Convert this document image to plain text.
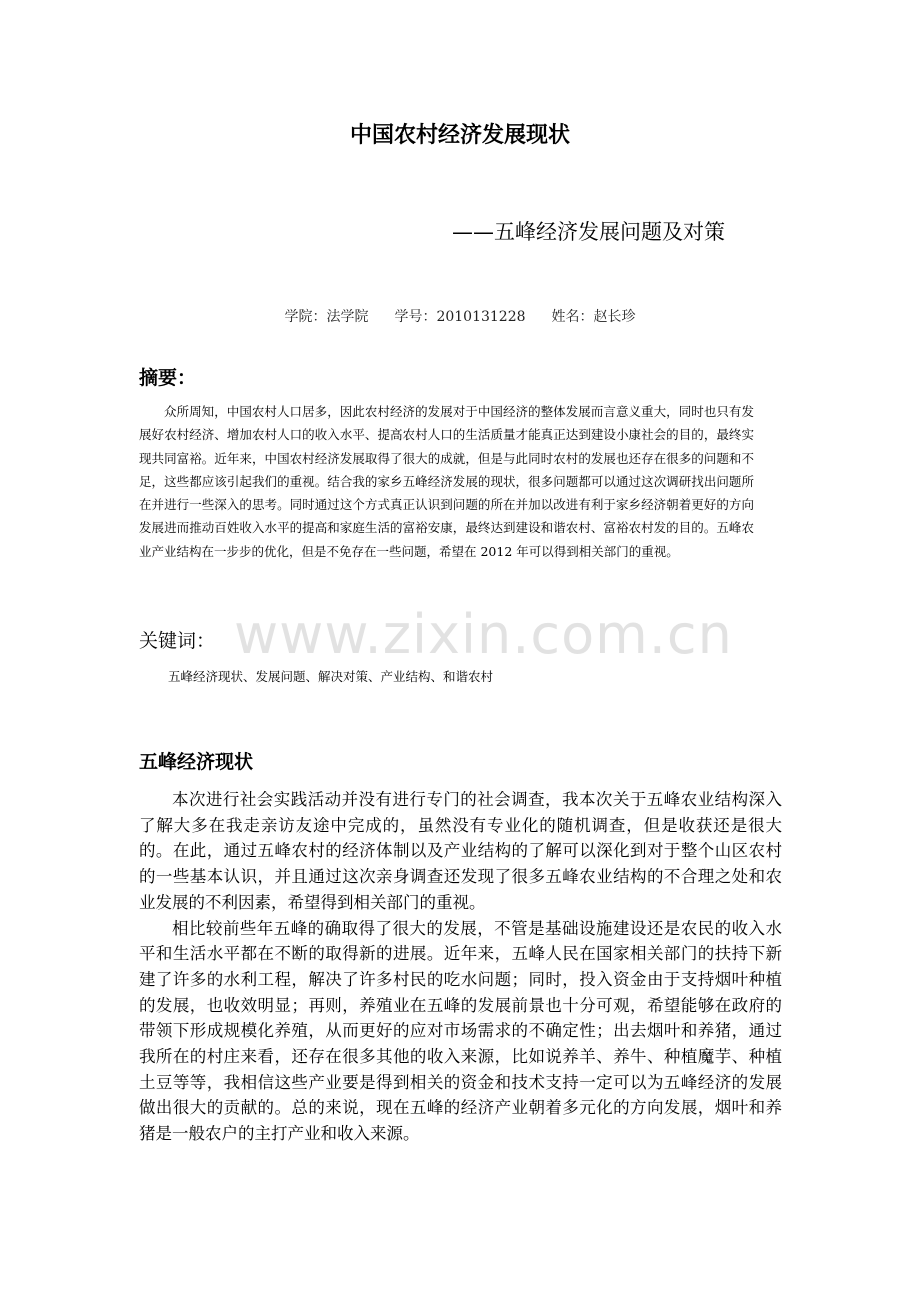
中国农村经济发展现状
——五峰经济发展问题及对策
学院：法学院 学号：2010131228 姓名：赵长珍
摘要：

众所周知，中国农村人口居多，因此农村经济的发展对于中国经济的整体发展而言意义重大，同时也只有发展好农村经济、增加农村人口的收入水平、提高农村人口的生活质量才能真正达到建设小康社会的目的，最终实现共同富裕。近年来，中国农村经济发展取得了很大的成就，但是与此同时农村的发展也还存在很多的问题和不足，这些都应该引起我们的重视。结合我的家乡五峰经济发展的现状，很多问题都可以通过这次调研找出问题所在并进行一些深入的思考。同时通过这个方式真正认识到问题的所在并加以改进有利于家乡经济朝着更好的方向发展进而推动百姓收入水平的提高和家庭生活的富裕安康，最终达到建设和谐农村、富裕农村发的目的。五峰农业产业结构在一步步的优化，但是不免存在一些问题，希望在 2012 年可以得到相关部门的重视。

www.zixin.com.cn
关键词：
五峰经济现状、发展问题、解决对策、产业结构、和谐农村
五峰经济现状

本次进行社会实践活动并没有进行专门的社会调查，我本次关于五峰农业结构深入了解大多在我走亲访友途中完成的，虽然没有专业化的随机调查，但是收获还是很大的。在此，通过五峰农村的经济体制以及产业结构的了解可以深化到对于整个山区农村的一些基本认识，并且通过这次亲身调查还发现了很多五峰农业结构的不合理之处和农业发展的不利因素，希望得到相关部门的重视。

相比较前些年五峰的确取得了很大的发展，不管是基础设施建设还是农民的收入水平和生活水平都在不断的取得新的进展。近年来，五峰人民在国家相关部门的扶持下新建了许多的水利工程，解决了许多村民的吃水问题；同时，投入资金由于支持烟叶种植的发展，也收效明显；再则，养殖业在五峰的发展前景也十分可观，希望能够在政府的带领下形成规模化养殖，从而更好的应对市场需求的不确定性；出去烟叶和养猪，通过我所在的村庄来看，还存在很多其他的收入来源，比如说养羊、养牛、种植魔芋、种植土豆等等，我相信这些产业要是得到相关的资金和技术支持一定可以为五峰经济的发展做出很大的贡献的。总的来说，现在五峰的经济产业朝着多元化的方向发展，烟叶和养猪是一般农户的主打产业和收入来源。
